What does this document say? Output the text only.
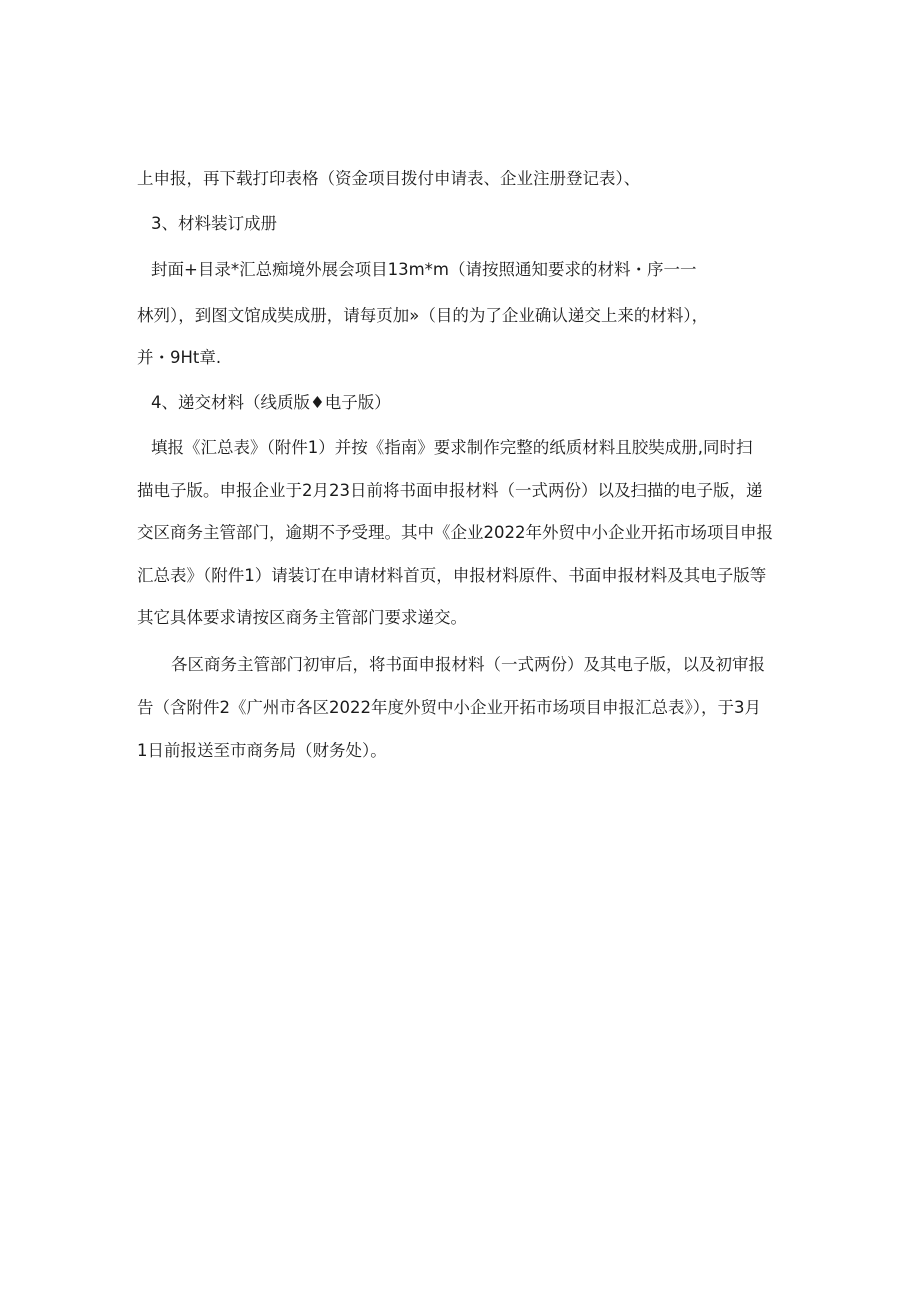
上申报，再下载打印表格（资金项目拨付申请表、企业注册登记表）、
3、材料装订成册
封面+目录*汇总痴境外展会项目13m*m（请按照通知要求的材料・序一一
林列），到图文馆成奘成册，请每页加»（目的为了企业确认递交上来的材料），
并・9Ht章.
4、递交材料（线质版♦电子版）
填报《汇总表》（附件1）并按《指南》要求制作完整的纸质材料且胶奘成册,同时扫
描电子版。申报企业于2月23日前将书面申报材料（一式两份）以及扫描的电子版，递
交区商务主管部门，逾期不予受理。其中《企业2022年外贸中小企业开拓市场项目申报
汇总表》（附件1）请装订在申请材料首页，申报材料原件、书面申报材料及其电子版等
其它具体要求请按区商务主管部门要求递交。
各区商务主管部门初审后，将书面申报材料（一式两份）及其电子版，以及初审报
告（含附件2《广州市各区2022年度外贸中小企业开拓市场项目申报汇总表》），于3月
1日前报送至市商务局（财务处）。
